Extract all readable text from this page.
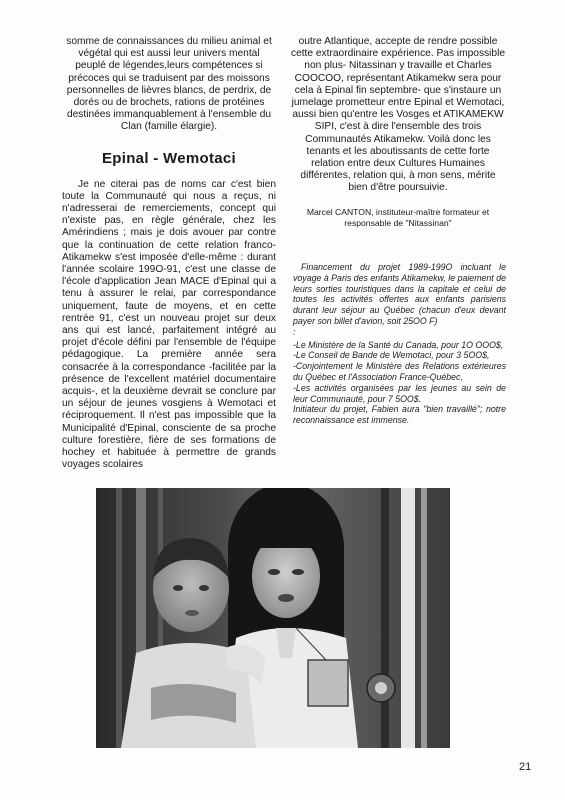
somme de connaissances du milieu animal et végétal qui est aussi leur univers mental peuplé de légendes,leurs compétences si précoces qui se traduisent par des moissons personnelles de lièvres blancs, de perdrix, de dorés ou de brochets, rations de protéines destinées immanquablement à l'ensemble du Clan (famille élargie).

Epinal - Wemotaci

Je ne citerai pas de noms car c'est bien toute la Communauté qui nous a reçus, ni n'adresserai de remerciements, concept qui n'existe pas, en règle générale, chez les Amérindiens ; mais je dois avouer par contre que la continuation de cette relation franco-Atikamekw s'est imposée d'elle-même : durant l'année scolaire 199O-91, c'est une classe de l'école d'application Jean MACE d'Epinal qui a tenu à assurer le relai, par correspondance uniquement, faute de moyens, et en cette rentrée 91, c'est un nouveau projet sur deux ans qui est lancé, parfaitement intégré au projet d'école défini par l'ensemble de l'équipe pédagogique. La première année sera consacrée à la correspondance -facilitée par la présence de l'excellent matériel documentaire acquis-, et la deuxième devrait se conclure par un séjour de jeunes vosgiens à Wemotaci et réciproquement. Il n'est pas impossible que la Municipalité d'Epinal, consciente de sa proche culture forestière, fière de ses formations de hochey et habituée à permettre de grands voyages scolaires

outre Atlantique, accepte de rendre possible cette extraordinaire expérience. Pas impossible non plus- Nitassinan y travaille et Charles COOCOO, représentant Atikamekw sera pour cela à Epinal fin septembre- que s'instaure un jumelage prometteur entre Epinal et Wemotaci, aussi bien qu'entre les Vosges et ATIKAMEKW SIPI, c'est à dire l'ensemble des trois Communautés Atikamekw. Voilà donc les tenants et les aboutissants de cette forte relation entre deux Cultures Humaines différentes, relation qui, à mon sens, mérite bien d'être poursuivie.

Marcel CANTON, instituteur-maître formateur et responsable de "Nitassinan"

Financement du projet 1989-199O incluant le voyage à Paris des enfants Atikamekw, le paiement de leurs sorties touristiques dans la capitale et celui de toutes les activités offertes aux enfants parisiens durant leur séjour au Québec (chacun d'eux devant payer son billet d'avion, soit 25OO F)

:

-Le Ministère de la Santé du Canada, pour 1O OOO$,

-Le Conseil de Bande de Wemotaci, pour 3 5OO$,

-Conjointement le Ministère des Relations extérieures du Québec et l'Association France-Québec,

-Les activités organisées par les jeunes au sein de leur Communauté, pour 7 5OO$.

Initiateur du projet, Fabien aura "bien travaillé"; notre reconnaissance est immense.

21
